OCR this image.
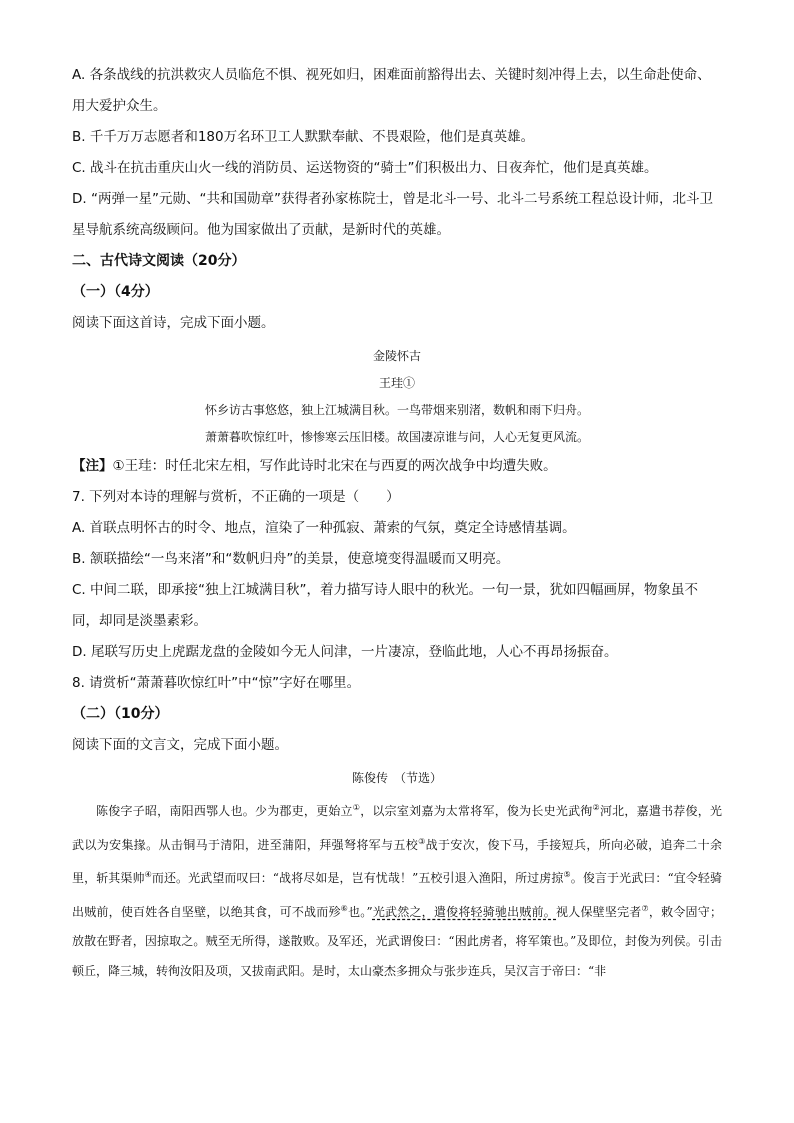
A. 各条战线的抗洪救灾人员临危不惧、视死如归，困难面前豁得出去、关键时刻冲得上去，以生命赴使命、用大爱护众生。

B. 千千万万志愿者和180万名环卫工人默默奉献、不畏艰险，他们是真英雄。

C. 战斗在抗击重庆山火一线的消防员、运送物资的“骑士”们积极出力、日夜奔忙，他们是真英雄。

D. “两弹一星”元勋、“共和国勋章”获得者孙家栋院士，曾是北斗一号、北斗二号系统工程总设计师，北斗卫星导航系统高级顾问。他为国家做出了贡献，是新时代的英雄。

二、古代诗文阅读（20分）

（一）（4分）

阅读下面这首诗，完成下面小题。

金陵怀古

王珪①

怀乡访古事悠悠，独上江城满目秋。一鸟带烟来别渚，数帆和雨下归舟。

萧萧暮吹惊红叶，惨惨寒云压旧楼。故国凄凉谁与问，人心无复更风流。

【注】①王珪：时任北宋左相，写作此诗时北宋在与西夏的两次战争中均遭失败。

7. 下列对本诗的理解与赏析，不正确的一项是（　　）

A. 首联点明怀古的时令、地点，渲染了一种孤寂、萧索的气氛，奠定全诗感情基调。

B. 颔联描绘“一鸟来渚”和“数帆归舟”的美景，使意境变得温暖而又明亮。

C. 中间二联，即承接“独上江城满目秋”，着力描写诗人眼中的秋光。一句一景，犹如四幅画屏，物象虽不同，却同是淡墨素彩。

D. 尾联写历史上虎踞龙盘的金陵如今无人问津，一片凄凉，登临此地，人心不再昂扬振奋。

8. 请赏析“萧萧暮吹惊红叶”中“惊”字好在哪里。

（二）（10分）

阅读下面的文言文，完成下面小题。

陈俊传　（节选）

陈俊字子昭，南阳西鄂人也。少为郡吏，更始立①，以宗室刘嘉为太常将军，俊为长史光武徇②河北，嘉遣书荐俊，光武以为安集掾。从击铜马于清阳，进至蒲阳，拜强弩将军与五校③战于安次，俊下马，手接短兵，所向必破，追奔二十余里，斩其渠帅④而还。光武望而叹曰：“战将尽如是，岂有忧哉！”五校引退入渔阳，所过虏掠⑤。俊言于光武曰：“宜令轻骑出贼前，使百姓各自坚壁，以绝其食，可不战而殄⑥也。”光武然之，遣俊将轻骑驰出贼前。视人保壁坚完者⑦，敕令固守；放散在野者，因掠取之。贼至无所得，遂散败。及军还，光武谓俊曰：“困此虏者，将军策也。”及即位，封俊为列侯。引击顿丘，降三城，转徇汝阳及项，又拔南武阳。是时，太山豪杰多拥众与张步连兵，吴汉言于帝曰：“非
